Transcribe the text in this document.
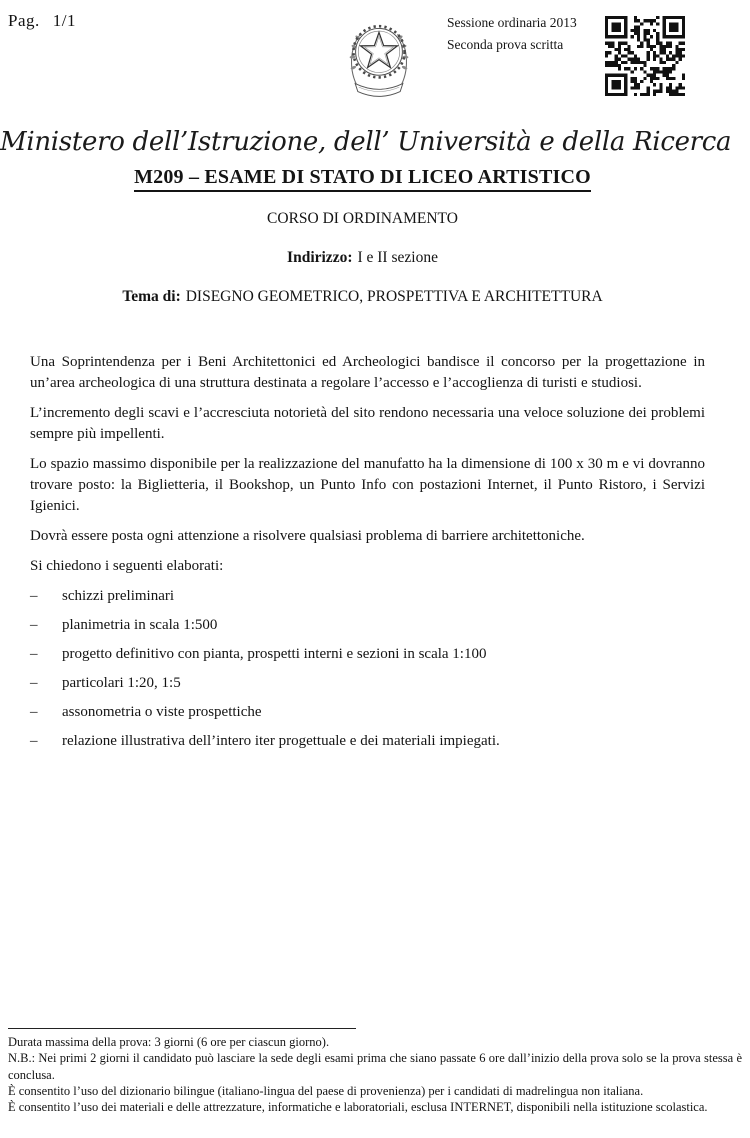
Pag. 1/1	Sessione ordinaria 2013
Seconda prova scritta
Ministero dell’Istruzione, dell’ Università e della Ricerca
M209 – ESAME DI STATO DI LICEO ARTISTICO
CORSO DI ORDINAMENTO
Indirizzo: I e II sezione
Tema di: DISEGNO GEOMETRICO, PROSPETTIVA E ARCHITETTURA

Una Soprintendenza per i Beni Architettonici ed Archeologici bandisce il concorso per la progettazione in un’area archeologica di una struttura destinata a regolare l’accesso e l’accoglienza di turisti e studiosi.

L’incremento degli scavi e l’accresciuta notorietà del sito rendono necessaria una veloce soluzione dei problemi sempre più impellenti.

Lo spazio massimo disponibile per la realizzazione del manufatto ha la dimensione di 100 x 30 m e vi dovranno trovare posto: la Biglietteria, il Bookshop, un Punto Info con postazioni Internet, il Punto Ristoro, i Servizi Igienici.

Dovrà essere posta ogni attenzione a risolvere qualsiasi problema di barriere architettoniche.

Si chiedono i seguenti elaborati:

–	schizzi preliminari
–	planimetria in scala 1:500
–	progetto definitivo con pianta, prospetti interni e sezioni in scala 1:100
–	particolari 1:20, 1:5
–	assonometria o viste prospettiche
–	relazione illustrativa dell’intero iter progettuale e dei materiali impiegati.
Durata massima della prova: 3 giorni (6 ore per ciascun giorno).
N.B.: Nei primi 2 giorni il candidato può lasciare la sede degli esami prima che siano passate 6 ore dall’inizio della prova solo se la prova stessa è conclusa.
È consentito l’uso del dizionario bilingue (italiano-lingua del paese di provenienza) per i candidati di madrelingua non italiana.
È consentito l’uso dei materiali e delle attrezzature, informatiche e laboratoriali, esclusa INTERNET, disponibili nella istituzione scolastica.
